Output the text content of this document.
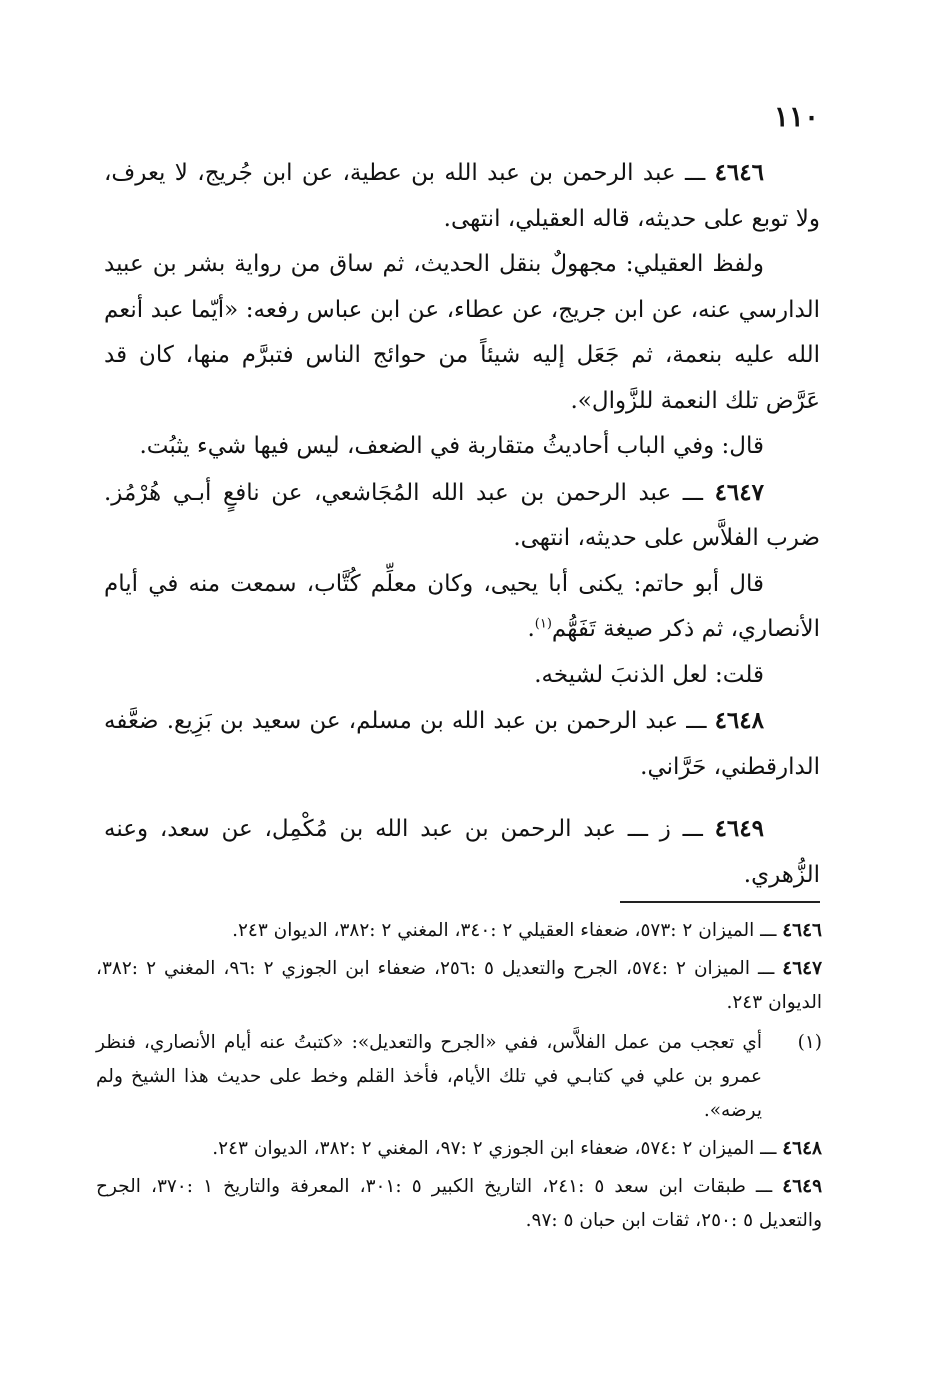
١١٠

٤٦٤٦ ـــ عبد الرحمن بن عبد الله بن عطية، عن ابن جُريج، لا يعرف، ولا توبع على حديثه، قاله العقيلي، انتهى.

ولفظ العقيلي: مجهولٌ بنقل الحديث، ثم ساق من رواية بشر بن عبيد الدارسي عنه، عن ابن جريج، عن عطاء، عن ابن عباس رفعه: «أيّما عبد أنعم الله عليه بنعمة، ثم جَعَل إليه شيئاً من حوائج الناس فتبرَّم منها، كان قد عَرَّض تلك النعمة للزَّوال».

قال: وفي الباب أحاديثُ متقاربة في الضعف، ليس فيها شيء يثبُت.

٤٦٤٧ ـــ عبد الرحمن بن عبد الله المُجَاشعي، عن نافعٍ أبـي هُرْمُز. ضرب الفلاَّس على حديثه، انتهى.

قال أبو حاتم: يكنى أبا يحيى، وكان معلِّم كُتَّاب، سمعت منه في أيام الأنصاري، ثم ذكر صيغة تَفَهُّم$^{(١)}$.

قلت: لعل الذنبَ لشيخه.

٤٦٤٨ ـــ عبد الرحمن بن عبد الله بن مسلم، عن سعيد بن بَزِيع. ضعَّفه الدارقطني، حَرَّاني.

٤٦٤٩ ـــ ز ـــ عبد الرحمن بن عبد الله بن مُكْمِل، عن سعد، وعنه الزُّهري.

٤٦٤٦ ـــ الميزان ٢ :٥٧٣، ضعفاء العقيلي ٢ :٣٤٠، المغني ٢ :٣٨٢، الديوان ٢٤٣.

٤٦٤٧ ـــ الميزان ٢ :٥٧٤، الجرح والتعديل ٥ :٢٥٦، ضعفاء ابن الجوزي ٢ :٩٦، المغني ٢ :٣٨٢، الديوان ٢٤٣.

(١)أي تعجب من عمل الفلاَّس، ففي «الجرح والتعديل»: «كتبتُ عنه أيام الأنصاري، فنظر عمرو بن علي في كتابـي في تلك الأيام، فأخذ القلم وخط على حديث هذا الشيخ ولم يرضه».

٤٦٤٨ ـــ الميزان ٢ :٥٧٤، ضعفاء ابن الجوزي ٢ :٩٧، المغني ٢ :٣٨٢، الديوان ٢٤٣.

٤٦٤٩ ـــ طبقات ابن سعد ٥ :٢٤١، التاريخ الكبير ٥ :٣٠١، المعرفة والتاريخ ١ :٣٧٠، الجرح والتعديل ٥ :٢٥٠، ثقات ابن حبان ٥ :٩٧.
